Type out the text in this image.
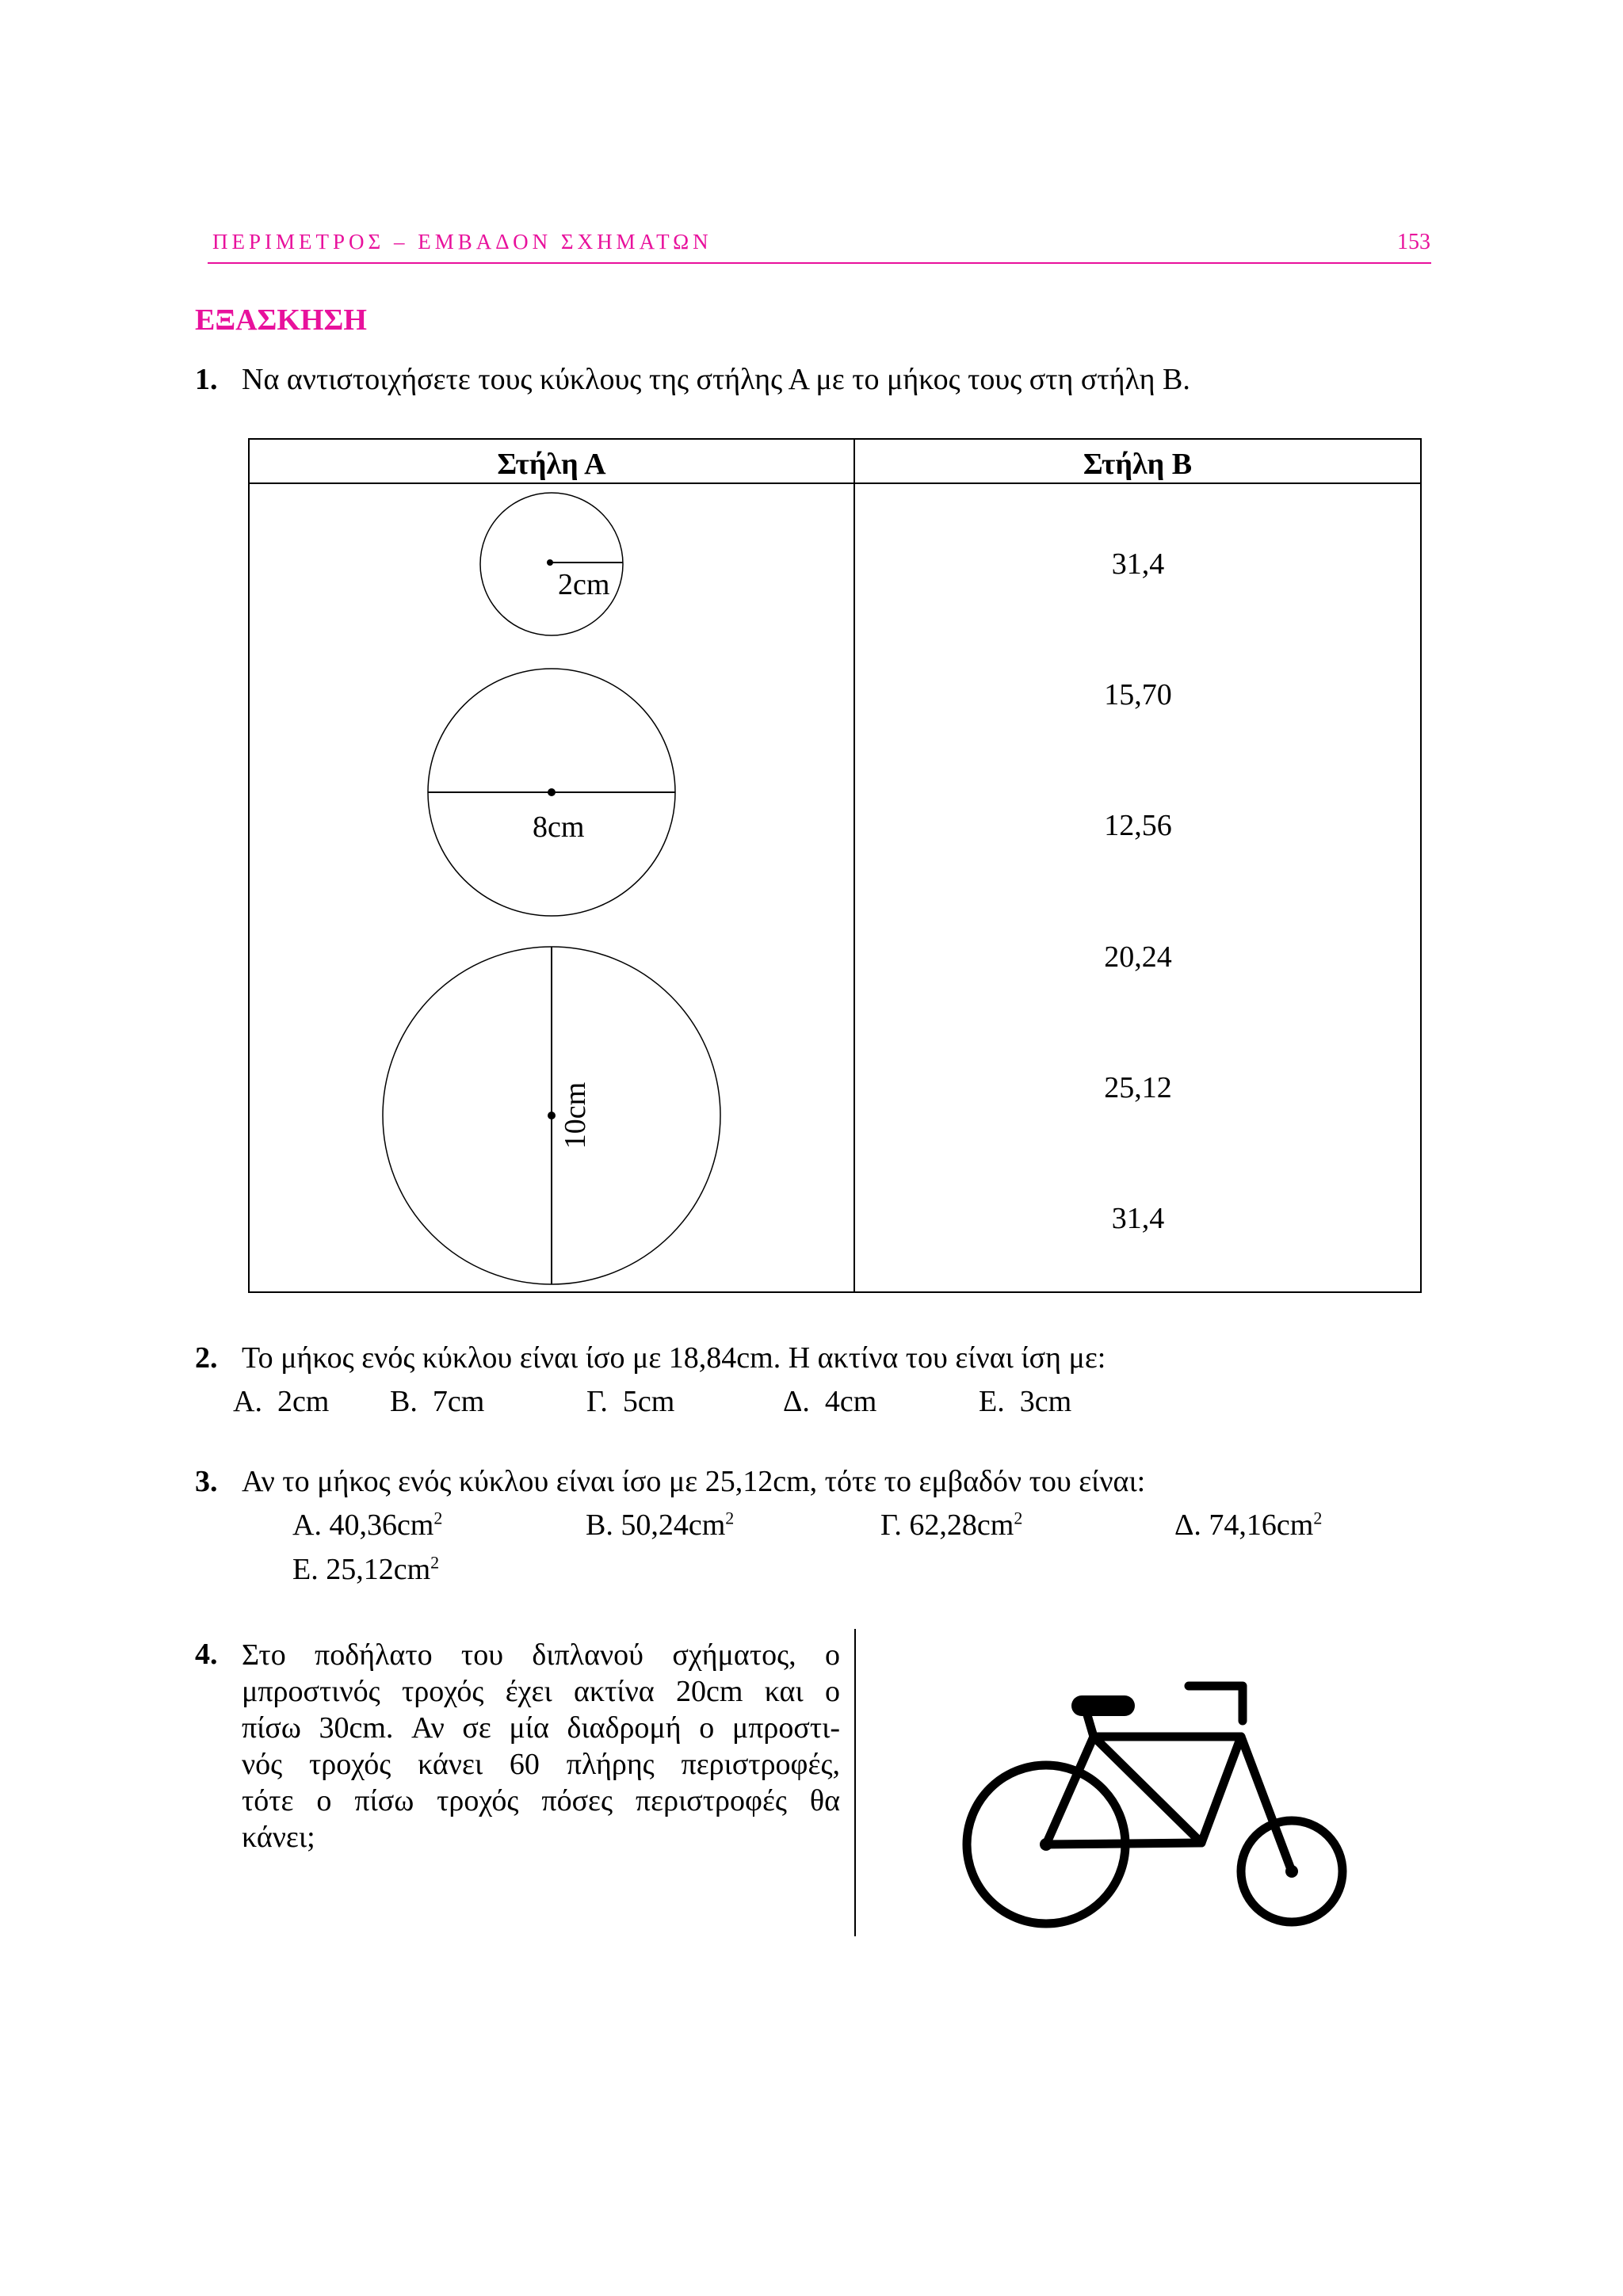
ΠΕΡΙΜΕΤΡΟΣ – ΕΜΒΑΔΟΝ ΣΧΗΜΑΤΩΝ	153
ΕΞΑΣΚΗΣΗ
1. Να αντιστοιχήσετε τους κύκλους της στήλης Α με το μήκος τους στη στήλη Β.
Στήλη Α	Στήλη Β
2cm
8cm
10cm
31,4
15,70
12,56
20,24
25,12
31,4
2. Το μήκος ενός κύκλου είναι ίσο με 18,84cm. Η ακτίνα του είναι ίση με:
Α.  2cm Β.  7cm	Γ.  5cm	Δ.  4cm	Ε.  3cm
3. Αν το μήκος ενός κύκλου είναι ίσο με 25,12cm, τότε το εμβαδόν του είναι:
Α. $40,36cm^2$	Β. $50,24cm^2$	Γ. $62,28cm^2$	Δ. $74,16cm^2$
Ε. $25,12cm^2$
4. Στο ποδήλατο του διπλανού σχήματος, ο
μπροστινός τροχός έχει ακτίνα 20cm και ο
πίσω 30cm. Αν σε μία διαδρομή ο μπροστι-
νός τροχός κάνει 60 πλήρης περιστροφές,
τότε ο πίσω τροχός πόσες περιστροφές θα
κάνει;
